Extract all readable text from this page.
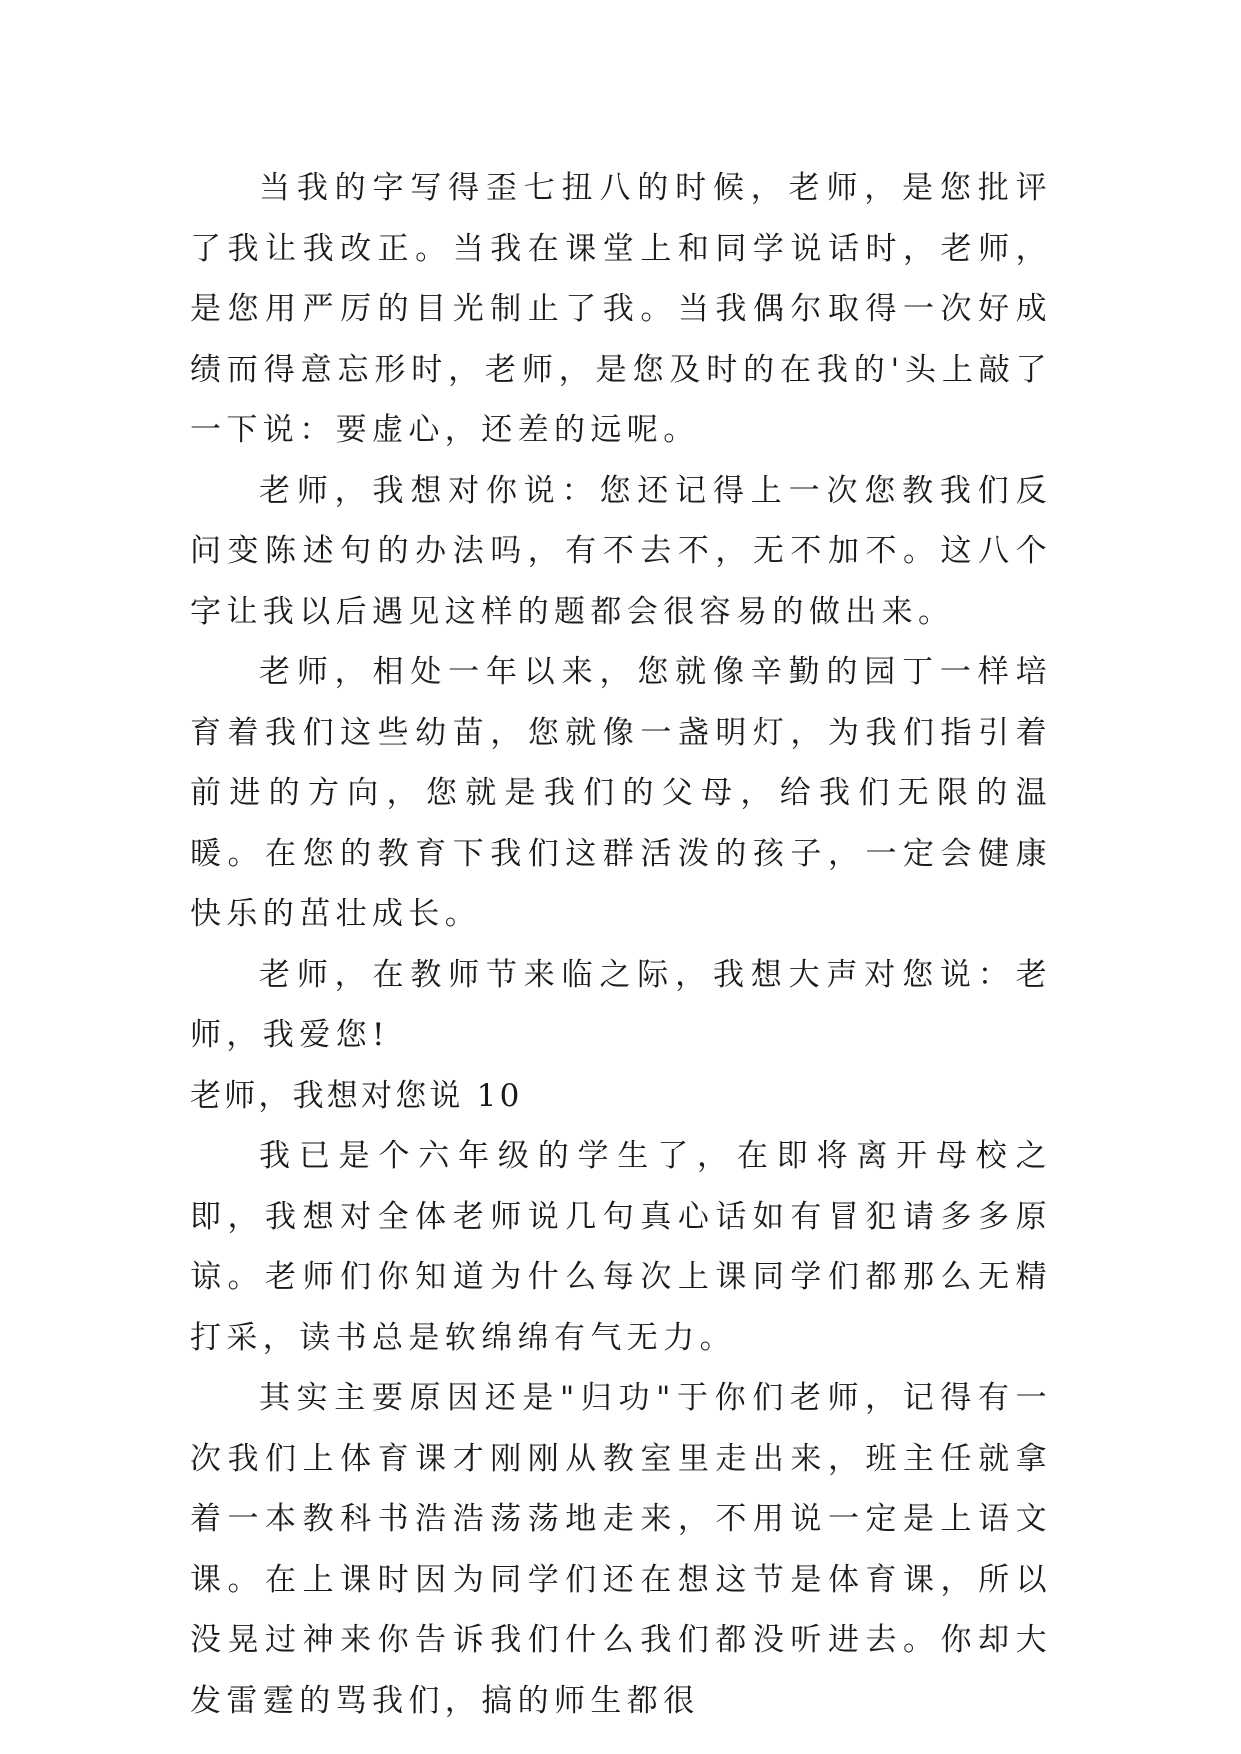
当我的字写得歪七扭八的时候，老师，是您批评了我让我改正。当我在课堂上和同学说话时，老师，是您用严厉的目光制止了我。当我偶尔取得一次好成绩而得意忘形时，老师，是您及时的在我的'头上敲了一下说：要虚心，还差的远呢。

老师，我想对你说：您还记得上一次您教我们反问变陈述句的办法吗，有不去不，无不加不。这八个字让我以后遇见这样的题都会很容易的做出来。

老师，相处一年以来，您就像辛勤的园丁一样培育着我们这些幼苗，您就像一盏明灯，为我们指引着前进的方向，您就是我们的父母，给我们无限的温暖。在您的教育下我们这群活泼的孩子，一定会健康快乐的茁壮成长。

老师，在教师节来临之际，我想大声对您说：老师，我爱您!

老师，我想对您说 10

我已是个六年级的学生了，在即将离开母校之即，我想对全体老师说几句真心话如有冒犯请多多原谅。老师们你知道为什么每次上课同学们都那么无精打采，读书总是软绵绵有气无力。

其实主要原因还是"归功"于你们老师，记得有一次我们上体育课才刚刚从教室里走出来，班主任就拿着一本教科书浩浩荡荡地走来，不用说一定是上语文课。在上课时因为同学们还在想这节是体育课，所以没晃过神来你告诉我们什么我们都没听进去。你却大发雷霆的骂我们，搞的师生都很
